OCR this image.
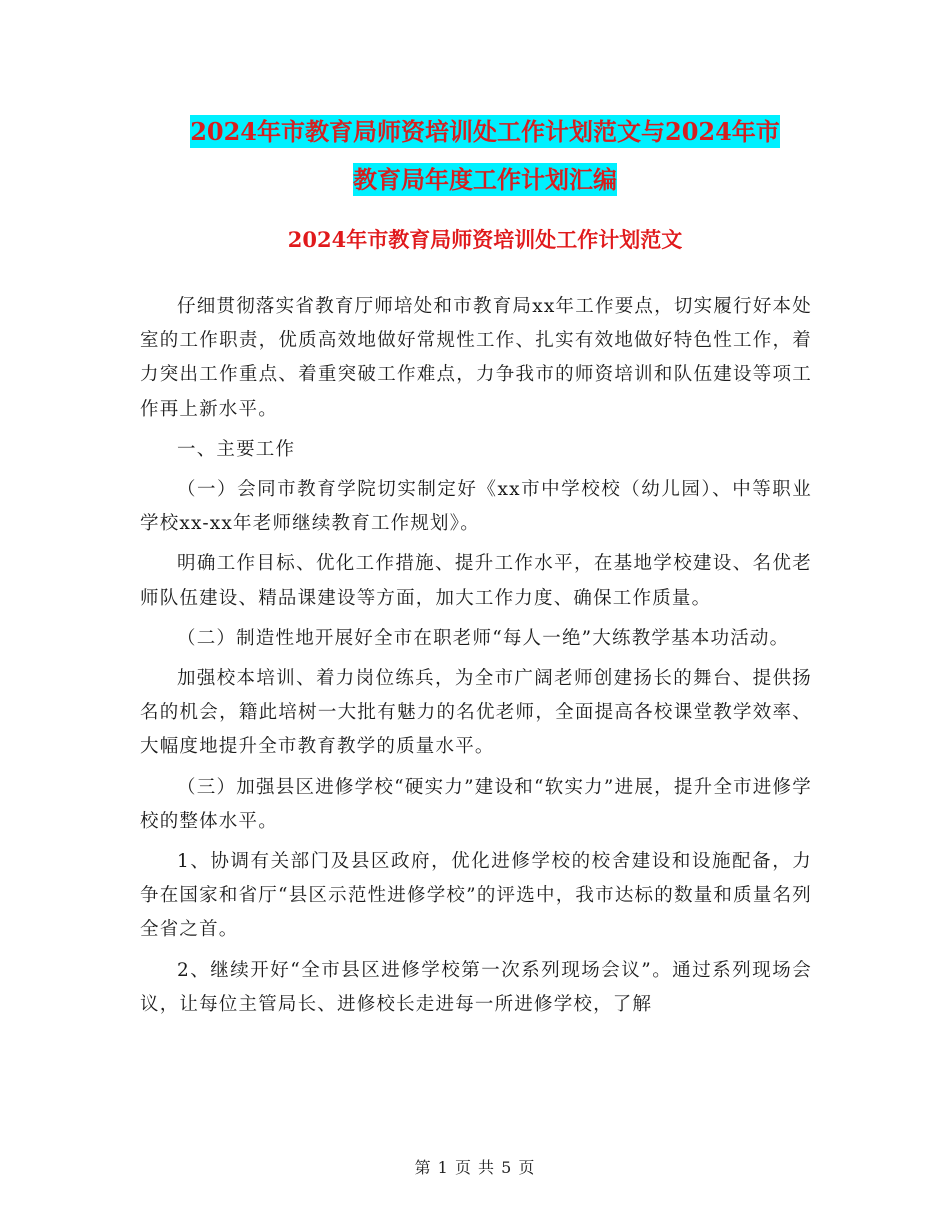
2024年市教育局师资培训处工作计划范文与2024年市
教育局年度工作计划汇编
2024年市教育局师资培训处工作计划范文

仔细贯彻落实省教育厅师培处和市教育局xx年工作要点，切实履行好本处室的工作职责，优质高效地做好常规性工作、扎实有效地做好特色性工作，着力突出工作重点、着重突破工作难点，力争我市的师资培训和队伍建设等项工作再上新水平。

一、主要工作

（一）会同市教育学院切实制定好《xx市中学校校（幼儿园）、中等职业学校xx-xx年老师继续教育工作规划》。

明确工作目标、优化工作措施、提升工作水平，在基地学校建设、名优老师队伍建设、精品课建设等方面，加大工作力度、确保工作质量。

（二）制造性地开展好全市在职老师“每人一绝”大练教学基本功活动。

加强校本培训、着力岗位练兵，为全市广阔老师创建扬长的舞台、提供扬名的机会，籍此培树一大批有魅力的名优老师，全面提高各校课堂教学效率、大幅度地提升全市教育教学的质量水平。

（三）加强县区进修学校“硬实力”建设和“软实力”进展，提升全市进修学校的整体水平。

1、协调有关部门及县区政府，优化进修学校的校舍建设和设施配备，力争在国家和省厅“县区示范性进修学校”的评选中，我市达标的数量和质量名列全省之首。

2、继续开好“全市县区进修学校第一次系列现场会议”。通过系列现场会议，让每位主管局长、进修校长走进每一所进修学校，了解

第 1 页 共 5 页
